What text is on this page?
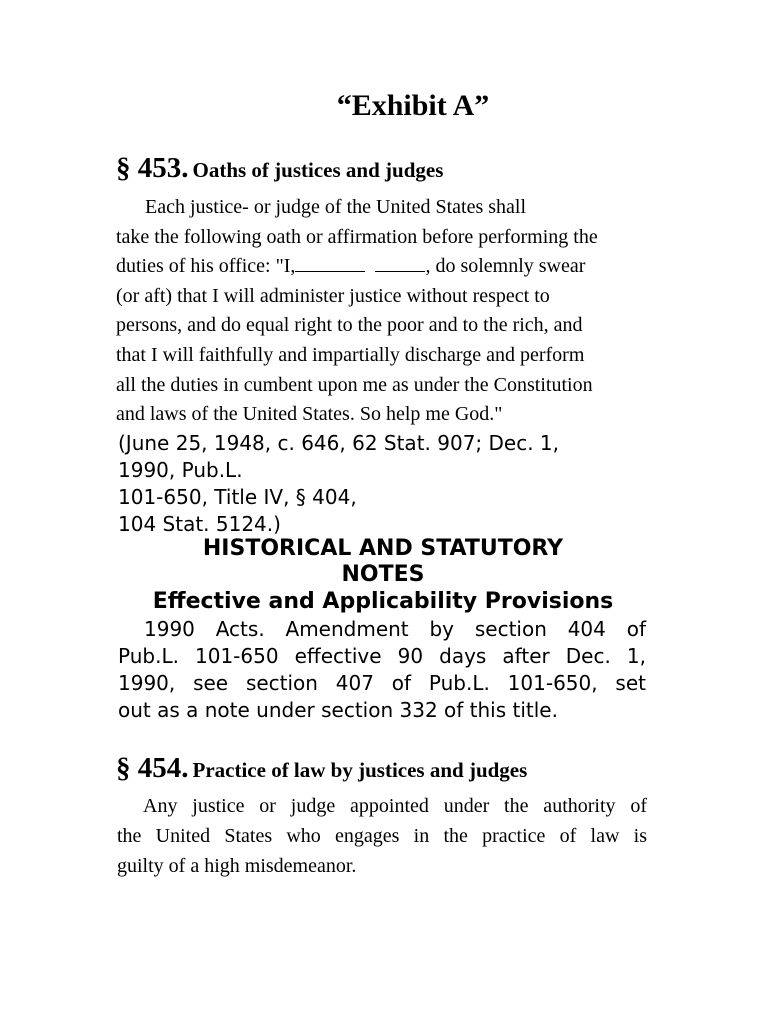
“Exhibit A”
§ 453. Oaths of justices and judges
Each justice- or judge of the United States shall
take the following oath or affirmation before performing the
duties of his office: "I,	, do solemnly swear
(or aft) that I will administer justice without respect to
persons, and do equal right to the poor and to the rich, and
that I will faithfully and impartially discharge and perform
all the duties in cumbent upon me as under the Constitution
and laws of the United States. So help me God."
(June 25, 1948, c. 646, 62 Stat. 907; Dec. 1,
1990, Pub.L.
101-650, Title IV, § 404,
104 Stat. 5124.)
HISTORICAL AND STATUTORY
NOTES
Effective and Applicability Provisions
1990 Acts. Amendment by section 404 of
Pub.L. 101-650 effective 90 days after Dec. 1,
1990, see section 407 of Pub.L. 101-650, set
out as a note under section 332 of this title.
§ 454. Practice of law by justices and judges
Any justice or judge appointed under the authority of
the United States who engages in the practice of law is
guilty of a high misdemeanor.
